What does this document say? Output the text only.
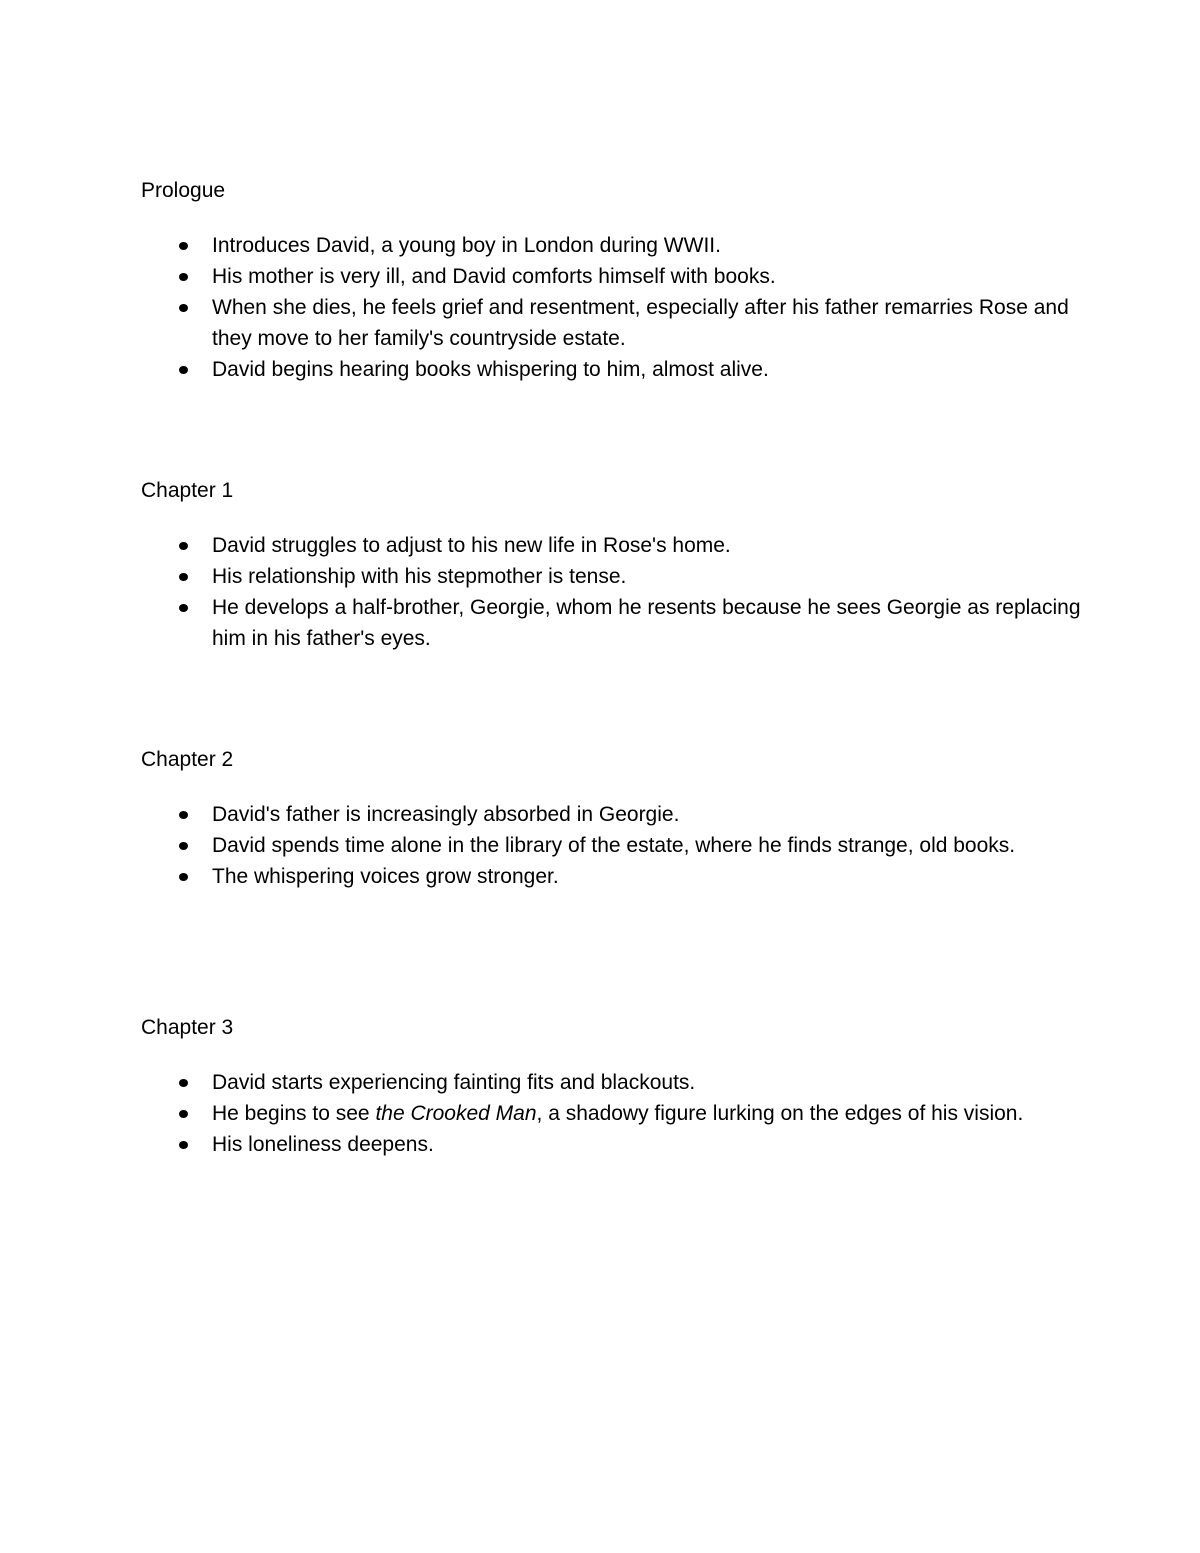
Prologue
Introduces David, a young boy in London during WWII.
His mother is very ill, and David comforts himself with books.
When she dies, he feels grief and resentment, especially after his father remarries Rose and they move to her family's countryside estate.
David begins hearing books whispering to him, almost alive.
Chapter 1
David struggles to adjust to his new life in Rose's home.
His relationship with his stepmother is tense.
He develops a half-brother, Georgie, whom he resents because he sees Georgie as replacing him in his father's eyes.
Chapter 2
David's father is increasingly absorbed in Georgie.
David spends time alone in the library of the estate, where he finds strange, old books.
The whispering voices grow stronger.
Chapter 3
David starts experiencing fainting fits and blackouts.
He begins to see the Crooked Man, a shadowy figure lurking on the edges of his vision.
His loneliness deepens.
